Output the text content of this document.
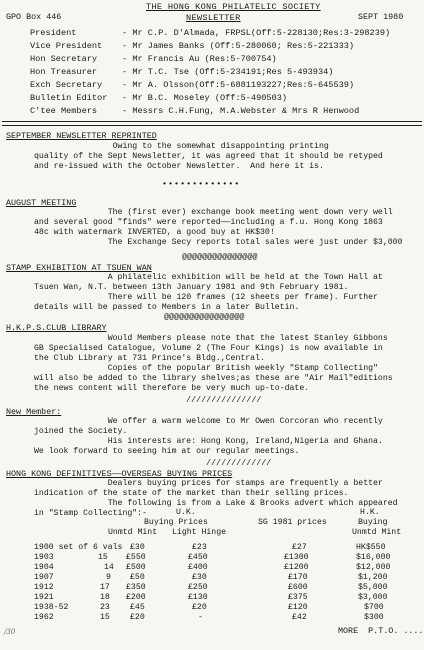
THE HONG KONG PHILATELIC SOCIETY
GPO Box 446	NEWSLETTER	SEPT 1980
President	- Mr C.P. D'Almada, FRPSL(Off:5-228130;Res:3-298239)
Vice President - Mr James Banks (Off:5-280060; Res:5-221333)
Hon Secretary	- Mr Francis Au (Res:5-700754)
Hon Treasurer	- Mr T.C. Tse (Off:5-234191;Res 5-493934)
Exch Secretary - Mr A. Olsson(Off:5-6881193227;Res:5-645539)
Bulletin Editor - Mr B.C. Moseley (Off:5-490503)
C'tee Members	- Messrs C.H.Fung, M.A.Webster & Mrs R Henwood
SEPTEMBER NEWSLETTER REPRINTED
Owing to the somewhat disappointing printing
quality of the Sept Newsletter, it was agreed that it should be retyped
and re-issued with the October Newsletter.  And here it is.
•••••••••••••
AUGUST MEETING
The (first ever) exchange book meeting went down very well
and several good "finds" were reported——including a f.u. Hong Kong 1863
48c with watermark INVERTED, a good buy at HK$30!
The Exchange Secy reports total sales were just under $3,000
@@@@@@@@@@@@@@@
STAMP EXHIBITION AT TSUEN WAN
A philatelic exhibition will be held at the Town Hall at
Tsuen Wan, N.T. between 13th January 1981 and 9th February 1981.
There will be 120 frames (12 sheets per frame). Further
details will be passed to Members in a later Bulletin.
@@@@@@@@@@@@@@@@
H.K.P.S.CLUB LIBRARY
Would Members please note that the latest Stanley Gibbons
GB Specialised Catalogue, Volume 2 (The Four Kings) is now available in
the Club Library at 731 Prince's Bldg.,Central.
Copies of the popular British weekly "Stamp Collecting"
will also be added to the library shelves;as these are "Air Mail"editions
the news content will therefore be very much up-to-date.
///////////////
New Member:
We offer a warm welcome to Mr Owen Corcoran who recently
joined the Society.
His interests are: Hong Kong, Ireland,Nigeria and Ghana.
We look forward to seeing him at our regular meetings.
/////////////
HONG KONG DEFINITIVES——OVERSEAS BUYING PRICES
Dealers buying prices for stamps are frequently a better
indication of the state of the market than their selling prices.
The following is from a Lake & Brooks advert which appeared
in "Stamp Collecting":-	U.K.	H.K.
Buying Prices	SG 1981 prices	Buying
Unmtd Mint Light Hinge	Unmtd Mint
1900 set of 6 vals £30	£23	£27	HK$550
1903	15 £550	£450	£1300	$16,000
1904	14 £500	£400	£1200	$12,000
1907	9 £50	£30	£170	$1,200
1912	17 £350	£250	£600	$5,000
1921	18 £200	£130	£375	$3,000
1938-52	23 £45	£20	£120	$700
1962	15 £20	-	£42	$300
MORE  P.T.O. ....
/30
